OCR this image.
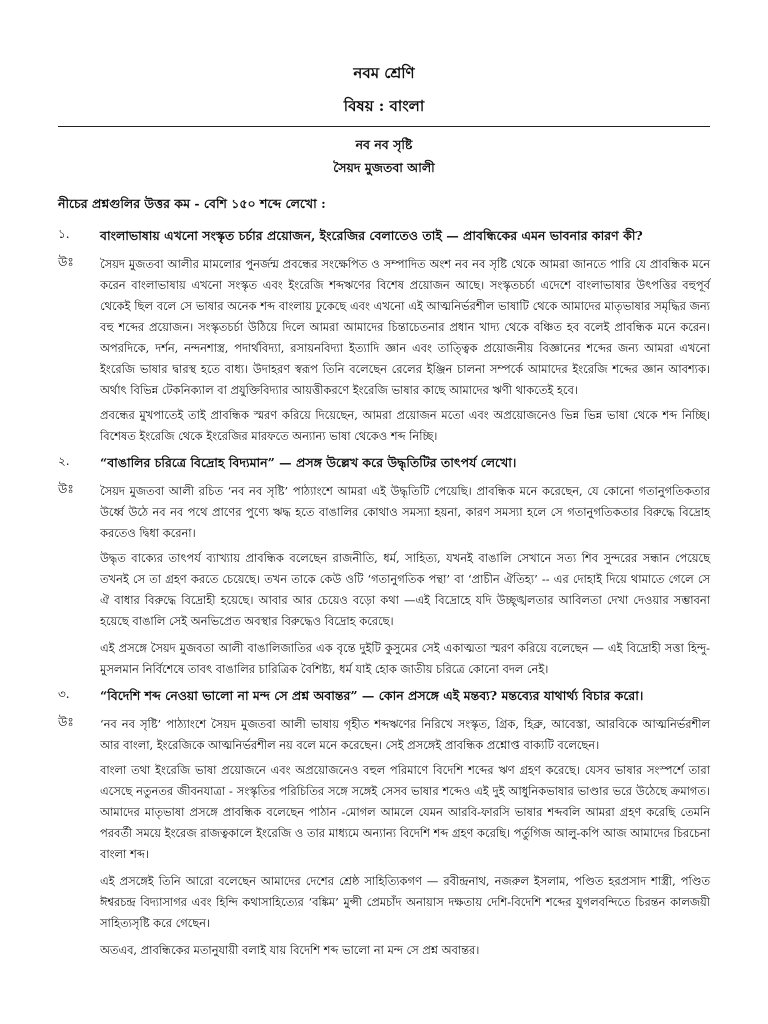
নবম শ্রেণি
বিষয় : বাংলা
নব নব সৃষ্টি
সৈয়দ মুজতবা আলী
নীচের প্রশ্নগুলির উত্তর কম - বেশি ১৫০ শব্দে লেখো :
১.	বাংলাভাষায় এখনো সংস্কৃত চর্চার প্রয়োজন, ইংরেজির বেলাতেও তাই — প্রাবন্ধিকের এমন ভাবনার কারণ কী?
উঃ	সৈয়দ মুজতবা আলীর মামলোর পুনর্জন্ম প্রবন্ধের সংক্ষেপিত ও সম্পাদিত অংশ নব নব সৃষ্টি থেকে আমরা জানতে পারি যে প্রাবন্ধিক মনে করেন বাংলাভাষায় এখনো সংস্কৃত এবং ইংরেজি শব্দঋণের বিশেষ প্রয়োজন আছে। সংস্কৃতচর্চা এদেশে বাংলাভাষার উৎপত্তির বহুপূর্ব থেকেই ছিল বলে সে ভাষার অনেক শব্দ বাংলায় ঢুকেছে এবং এখনো এই আত্মনির্ভরশীল ভাষাটি থেকে আমাদের মাতৃভাষার সমৃদ্ধির জন্য বহু শব্দের প্রয়োজন। সংস্কৃতচর্চা উঠিয়ে দিলে আমরা আমাদের চিন্তাচেতনার প্রধান খাদ্য থেকে বঞ্চিত হব বলেই প্রাবন্ধিক মনে করেন। অপরদিকে, দর্শন, নন্দনশাস্ত্র, পদার্থবিদ্যা, রসায়নবিদ্যা ইত্যাদি জ্ঞান এবং তাত্ত্বিক প্রয়োজনীয় বিজ্ঞানের শব্দের জন্য আমরা এখনো ইংরেজি ভাষার দ্বারস্থ হতে বাধ্য। উদাহরণ স্বরূপ তিনি বলেছেন রেলের ইঞ্জিন চালনা সম্পর্কে আমাদের ইংরেজি শব্দের জ্ঞান আবশ্যক। অর্থাৎ বিভিন্ন টেকনিক্যাল বা প্রযুক্তিবিদ্যার আয়ত্তীকরণে ইংরেজি ভাষার কাছে আমাদের ঋণী থাকতেই হবে।

প্রবন্ধের মুখপাতেই তাই প্রাবন্ধিক স্মরণ করিয়ে দিয়েছেন, আমরা প্রয়োজন মতো এবং অপ্রয়োজনেও ভিন্ন ভিন্ন ভাষা থেকে শব্দ নিচ্ছি। বিশেষত ইংরেজি থেকে ইংরেজির মারফতে অন্যান্য ভাষা থেকেও শব্দ নিচ্ছি।

২.	“বাঙালির চরিত্রে বিদ্রোহ বিদ্যমান” — প্রসঙ্গ উল্লেখ করে উদ্ধৃতিটির তাৎপর্য লেখো।
উঃ	সৈয়দ মুজতবা আলী রচিত ‘নব নব সৃষ্টি’ পাঠ্যাংশে আমরা এই উদ্ধৃতিটি পেয়েছি। প্রাবন্ধিক মনে করেছেন, যে কোনো গতানুগতিকতার উর্ধ্বে উঠে নব নব পথে প্রাণের পুণ্যে ঋদ্ধ হতে বাঙালির কোথাও সমস্যা হয়না, কারণ সমস্যা হলে সে গতানুগতিকতার বিরুদ্ধে বিদ্রোহ করতেও দ্বিধা করেনা।

উদ্ধৃত বাক্যের তাৎপর্য ব্যাখ্যায় প্রাবন্ধিক বলেছেন রাজনীতি, ধর্ম, সাহিত্য, যখনই বাঙালি সেখানে সত্য শিব সুন্দরের সন্ধান পেয়েছে তখনই সে তা গ্রহণ করতে চেয়েছে। তখন তাকে কেউ ওটি ‘গতানুগতিক পন্থা’ বা ‘প্রাচীন ঐতিহ্য’ -- এর দোহাই দিয়ে থামাতে গেলে সে ঐ বাধার বিরুদ্ধে বিদ্রোহী হয়েছে। আবার আর চেয়েও বড়ো কথা —এই বিদ্রোহে যদি উচ্ছৃঙ্খলতার আবিলতা দেখা দেওয়ার সম্ভাবনা হয়েছে বাঙালি সেই অনভিপ্রেত অবস্থার বিরুদ্ধেও বিদ্রোহ করেছে।

এই প্রসঙ্গে সৈয়দ মুজবতা আলী বাঙালিজাতির এক বৃন্তে দুইটি কুসুমের সেই একাত্মতা স্মরণ করিয়ে বলেছেন — এই বিদ্রোহী সত্তা হিন্দু-মুসলমান নির্বিশেষে তাবৎ বাঙালির চারিত্রিক বৈশিষ্ট্য, ধর্ম যাই হোক জাতীয় চরিত্রে কোনো বদল নেই।

৩.	“বিদেশি শব্দ নেওয়া ভালো না মন্দ সে প্রশ্ন অবান্তর” — কোন প্রসঙ্গে এই মন্তব্য? মন্তব্যের যাথার্থ্য বিচার করো।
উঃ	‘নব নব সৃষ্টি’ পাঠ্যাংশে সৈয়দ মুজতবা আলী ভাষায় গৃহীত শব্দঋণের নিরিখে সংস্কৃত, গ্রিক, হিব্রু, আবেস্তা, আরবিকে আত্মনির্ভরশীল আর বাংলা, ইংরেজিকে আত্মনির্ভরশীল নয় বলে মনে করেছেন। সেই প্রসঙ্গেই প্রাবন্ধিক প্রশ্নোপ্ত বাক্যটি বলেছেন।

বাংলা তথা ইংরেজি ভাষা প্রয়োজনে এবং অপ্রয়োজনেও বহুল পরিমাণে বিদেশি শব্দের ঋণ গ্রহণ করেছে। যেসব ভাষার সংস্পর্শে তারা এসেছে নতুনতর জীবনযাত্রা - সংস্কৃতির পরিচিতির সঙ্গে সঙ্গেই সেসব ভাষার শব্দেও এই দুই আধুনিকভাষার ভাণ্ডার ভরে উঠেছে ক্রমাগত। আমাদের মাতৃভাষা প্রসঙ্গে প্রাবন্ধিক বলেছেন পাঠান -মোগল আমলে যেমন আরবি-ফারসি ভাষার শব্দবলি আমরা গ্রহণ করেছি তেমনি পরবর্তী সময়ে ইংরেজ রাজত্বকালে ইংরেজি ও তার মাধ্যমে অন্যান্য বিদেশি শব্দ গ্রহণ করেছি। পর্তুগিজ আলু-কপি আজ আমাদের চিরচেনা বাংলা শব্দ।

এই প্রসঙ্গেই তিনি আরো বলেছেন আমাদের দেশের শ্রেষ্ঠ সাহিত্যিকগণ — রবীন্দ্রনাথ, নজরুল ইসলাম, পণ্ডিত হরপ্রসাদ শাস্ত্রী, পণ্ডিত ঈশ্বরচন্দ্র বিদ্যাসাগর এবং হিন্দি কথাসাহিত্যের ‘বঙ্কিম’ মুন্সী প্রেমচাঁদ অনায়াস দক্ষতায় দেশি-বিদেশি শব্দের যুগলবন্দিতে চিরন্তন কালজয়ী সাহিত্যসৃষ্টি করে গেছেন।

অতএব, প্রাবন্ধিকের মতানুযায়ী বলাই যায় বিদেশি শব্দ ভালো না মন্দ সে প্রশ্ন অবান্তর।
